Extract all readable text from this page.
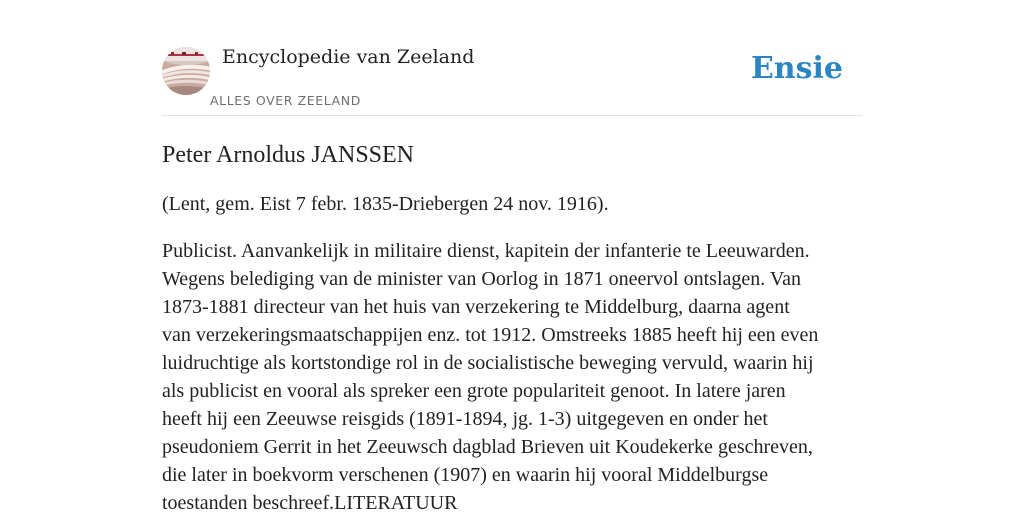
Encyclopedie van Zeeland
ALLES OVER ZEELAND
Ensie
Peter Arnoldus JANSSEN

(Lent, gem. Eist 7 febr. 1835-Driebergen 24 nov. 1916).

Publicist. Aanvankelijk in militaire dienst, kapitein der infanterie te Leeuwarden.
Wegens belediging van de minister van Oorlog in 1871 oneervol ontslagen. Van
1873-1881 directeur van het huis van verzekering te Middelburg, daarna agent
van verzekeringsmaatschappijen enz. tot 1912. Omstreeks 1885 heeft hij een even
luidruchtige als kortstondige rol in de socialistische beweging vervuld, waarin hij
als publicist en vooral als spreker een grote populariteit genoot. In latere jaren
heeft hij een Zeeuwse reisgids (1891-1894, jg. 1-3) uitgegeven en onder het
pseudoniem Gerrit in het Zeeuwsch dagblad Brieven uit Koudekerke geschreven,
die later in boekvorm verschenen (1907) en waarin hij vooral Middelburgse
toestanden beschreef.LITERATUUR
